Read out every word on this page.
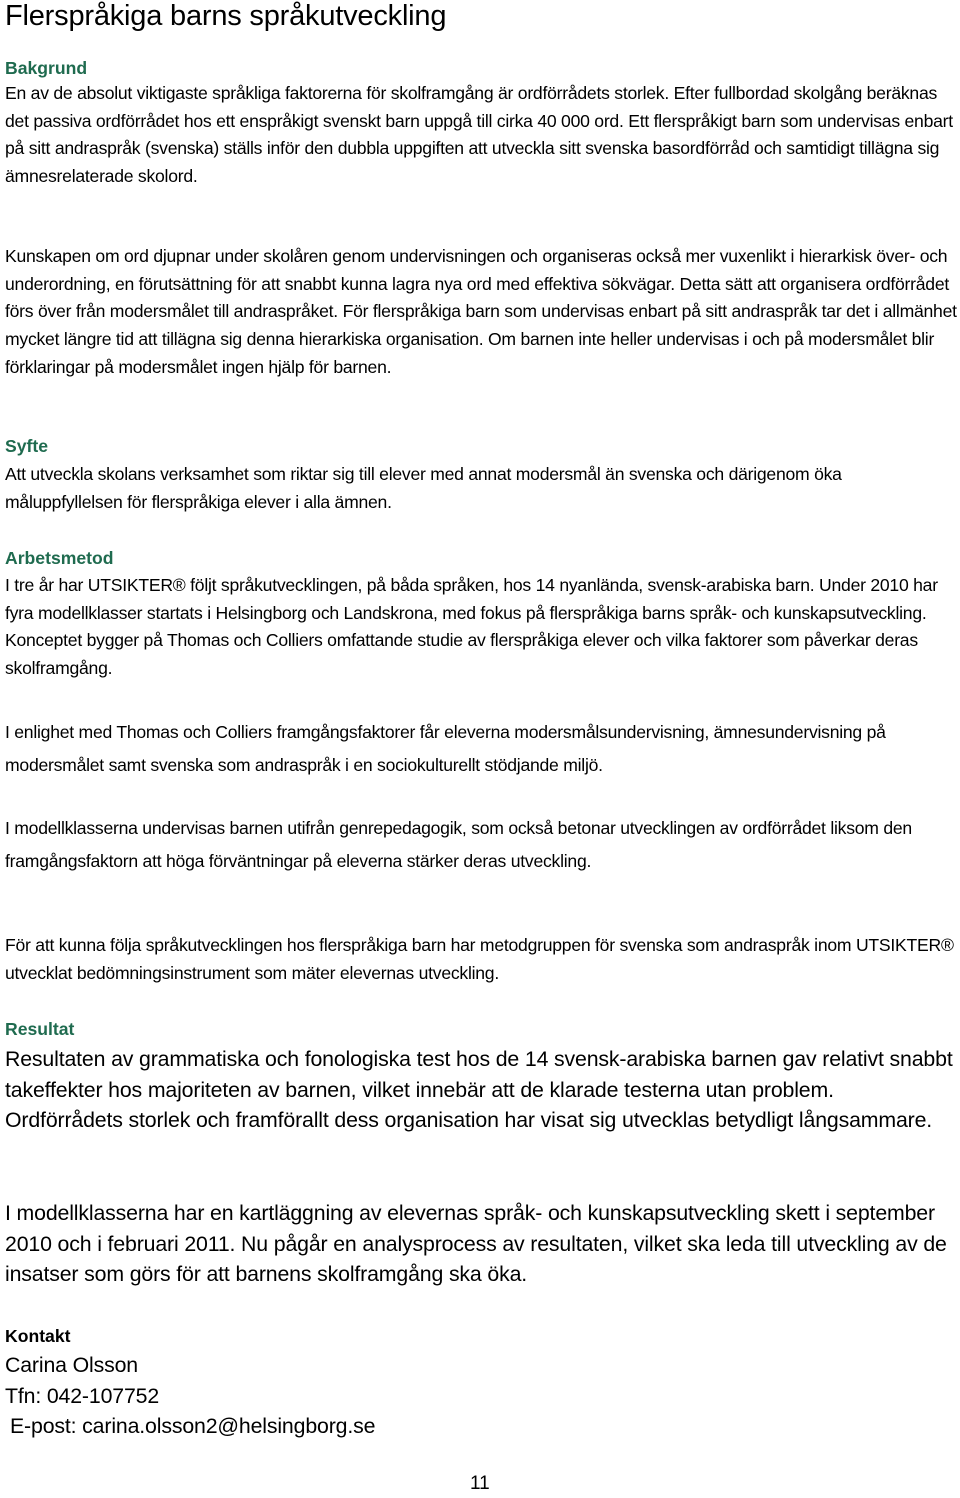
Flerspråkiga barns språkutveckling
Bakgrund

En av de absolut viktigaste språkliga faktorerna för skolframgång är ordförrådets storlek. Efter fullbordad skolgång beräknas det passiva ordförrådet hos ett enspråkigt svenskt barn uppgå till cirka 40 000 ord. Ett flerspråkigt barn som undervisas enbart på sitt andraspråk (svenska) ställs inför den dubbla uppgiften att utveckla sitt svenska basordförråd och samtidigt tillägna sig ämnesrelaterade skolord.

Kunskapen om ord djupnar under skolåren genom undervisningen och organiseras också mer vuxenlikt i hierarkisk över- och underordning, en förutsättning för att snabbt kunna lagra nya ord med effektiva sökvägar. Detta sätt att organisera ordförrådet förs över från modersmålet till andraspråket. För flerspråkiga barn som undervisas enbart på sitt andraspråk tar det i allmänhet mycket längre tid att tillägna sig denna hierarkiska organisation. Om barnen inte heller undervisas i och på modersmålet blir förklaringar på modersmålet ingen hjälp för barnen.

Syfte

Att utveckla skolans verksamhet som riktar sig till elever med annat modersmål än svenska och därigenom öka måluppfyllelsen för flerspråkiga elever i alla ämnen.

Arbetsmetod

I tre år har UTSIKTER® följt språkutvecklingen, på båda språken, hos 14 nyanlända, svensk-arabiska barn. Under 2010 har fyra modellklasser startats i Helsingborg och Landskrona, med fokus på flerspråkiga barns språk- och kunskapsutveckling. Konceptet bygger på Thomas och Colliers omfattande studie av flerspråkiga elever och vilka faktorer som påverkar deras skolframgång.

I enlighet med Thomas och Colliers framgångsfaktorer får eleverna modersmålsundervisning, ämnesundervisning på modersmålet samt svenska som andraspråk i en sociokulturellt stödjande miljö.

I modellklasserna undervisas barnen utifrån genrepedagogik, som också betonar utvecklingen av ordförrådet liksom den framgångsfaktorn att höga förväntningar på eleverna stärker deras utveckling.

För att kunna följa språkutvecklingen hos flerspråkiga barn har metodgruppen för svenska som andraspråk inom UTSIKTER® utvecklat bedömningsinstrument som mäter elevernas utveckling.

Resultat

Resultaten av grammatiska och fonologiska test hos de 14 svensk-arabiska barnen gav relativt snabbt takeffekter hos majoriteten av barnen, vilket innebär att de klarade testerna utan problem. Ordförrådets storlek och framförallt dess organisation har visat sig utvecklas betydligt långsammare.

I modellklasserna har en kartläggning av elevernas språk- och kunskapsutveckling skett i september 2010 och i februari 2011. Nu pågår en analysprocess av resultaten, vilket ska leda till utveckling av de insatser som görs för att barnens skolframgång ska öka.

Kontakt
Carina Olsson
Tfn: 042-107752
E-post: carina.olsson2@helsingborg.se
11
